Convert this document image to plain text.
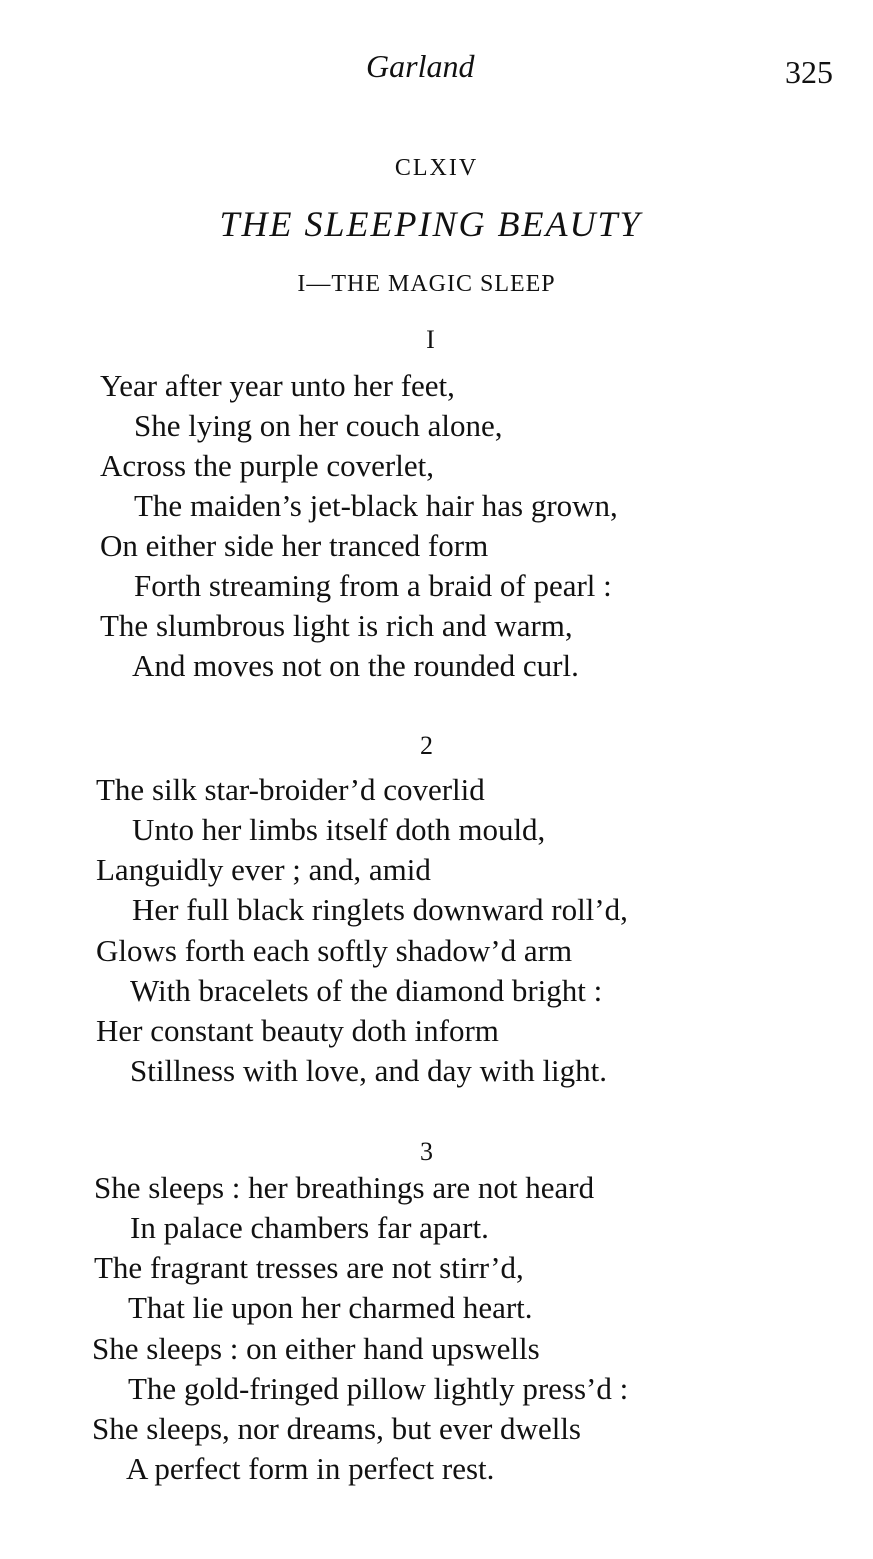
Garland	325
CLXIV
THE SLEEPING BEAUTY
I—THE MAGIC SLEEP
I
Year after year unto her feet,
She lying on her couch alone,
Across the purple coverlet,
The maiden’s jet-black hair has grown,
On either side her tranced form
Forth streaming from a braid of pearl :
The slumbrous light is rich and warm,
And moves not on the rounded curl.
2
The silk star-broider’d coverlid
Unto her limbs itself doth mould,
Languidly ever ; and, amid
Her full black ringlets downward roll’d,
Glows forth each softly shadow’d arm
With bracelets of the diamond bright :
Her constant beauty doth inform
Stillness with love, and day with light.
3
She sleeps : her breathings are not heard
In palace chambers far apart.
The fragrant tresses are not stirr’d,
That lie upon her charmed heart.
She sleeps : on either hand upswells
The gold-fringed pillow lightly press’d :
She sleeps, nor dreams, but ever dwells
A perfect form in perfect rest.
